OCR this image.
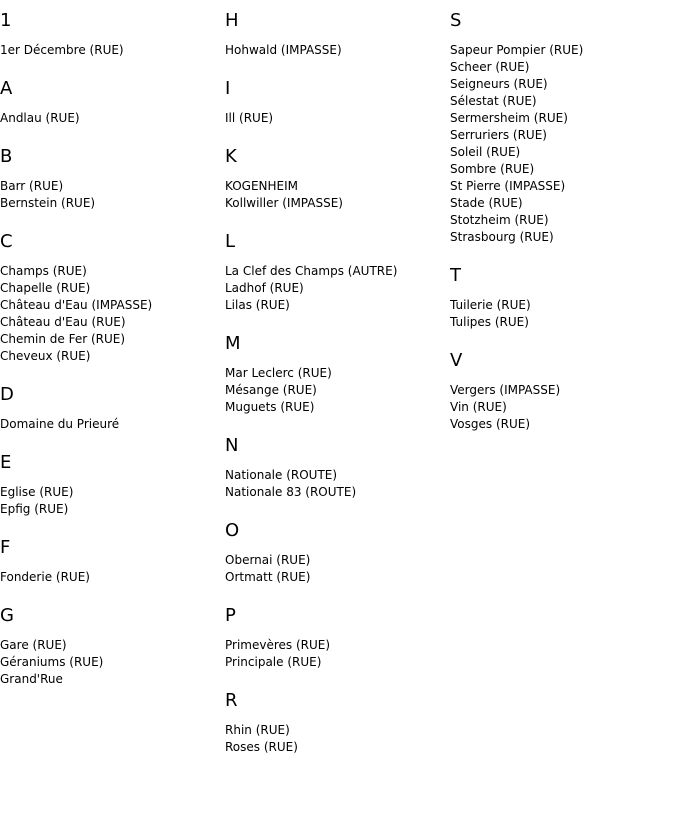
1
1er Décembre (RUE)
A
Andlau (RUE)
B
Barr (RUE)
Bernstein (RUE)
C
Champs (RUE)
Chapelle (RUE)
Château d'Eau (IMPASSE)
Château d'Eau (RUE)
Chemin de Fer (RUE)
Cheveux (RUE)
D
Domaine du Prieuré
E
Eglise (RUE)
Epfig (RUE)
F
Fonderie (RUE)
G
Gare (RUE)
Géraniums (RUE)
Grand'Rue
H
Hohwald (IMPASSE)
I
Ill (RUE)
K
KOGENHEIM
Kollwiller (IMPASSE)
L
La Clef des Champs (AUTRE)
Ladhof (RUE)
Lilas (RUE)
M
Mar Leclerc (RUE)
Mésange (RUE)
Muguets (RUE)
N
Nationale (ROUTE)
Nationale 83 (ROUTE)
O
Obernai (RUE)
Ortmatt (RUE)
P
Primevères (RUE)
Principale (RUE)
R
Rhin (RUE)
Roses (RUE)
S
Sapeur Pompier (RUE)
Scheer (RUE)
Seigneurs (RUE)
Sélestat (RUE)
Sermersheim (RUE)
Serruriers (RUE)
Soleil (RUE)
Sombre (RUE)
St Pierre (IMPASSE)
Stade (RUE)
Stotzheim (RUE)
Strasbourg (RUE)
T
Tuilerie (RUE)
Tulipes (RUE)
V
Vergers (IMPASSE)
Vin (RUE)
Vosges (RUE)
